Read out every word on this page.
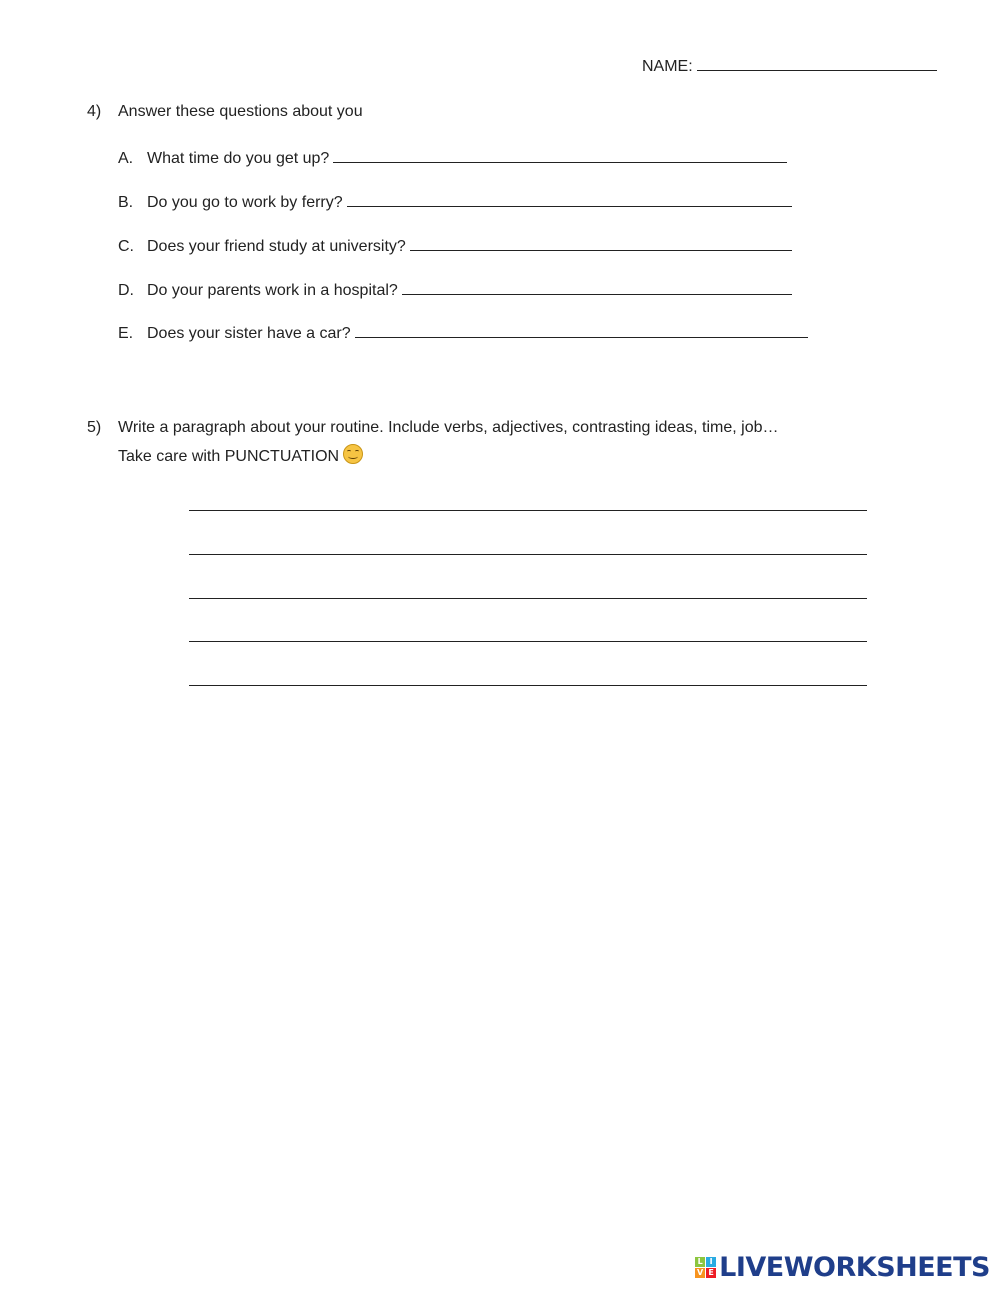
NAME:
4) Answer these questions about you
A. What time do you get up?
B. Do you go to work by ferry?
C. Does your friend study at university?
D. Do your parents work in a hospital?
E. Does your sister have a car?
5) Write a paragraph about your routine. Include verbs, adjectives, contrasting ideas, time, job…
Take care with PUNCTUATION
L I
V E LIVEWORKSHEETS
